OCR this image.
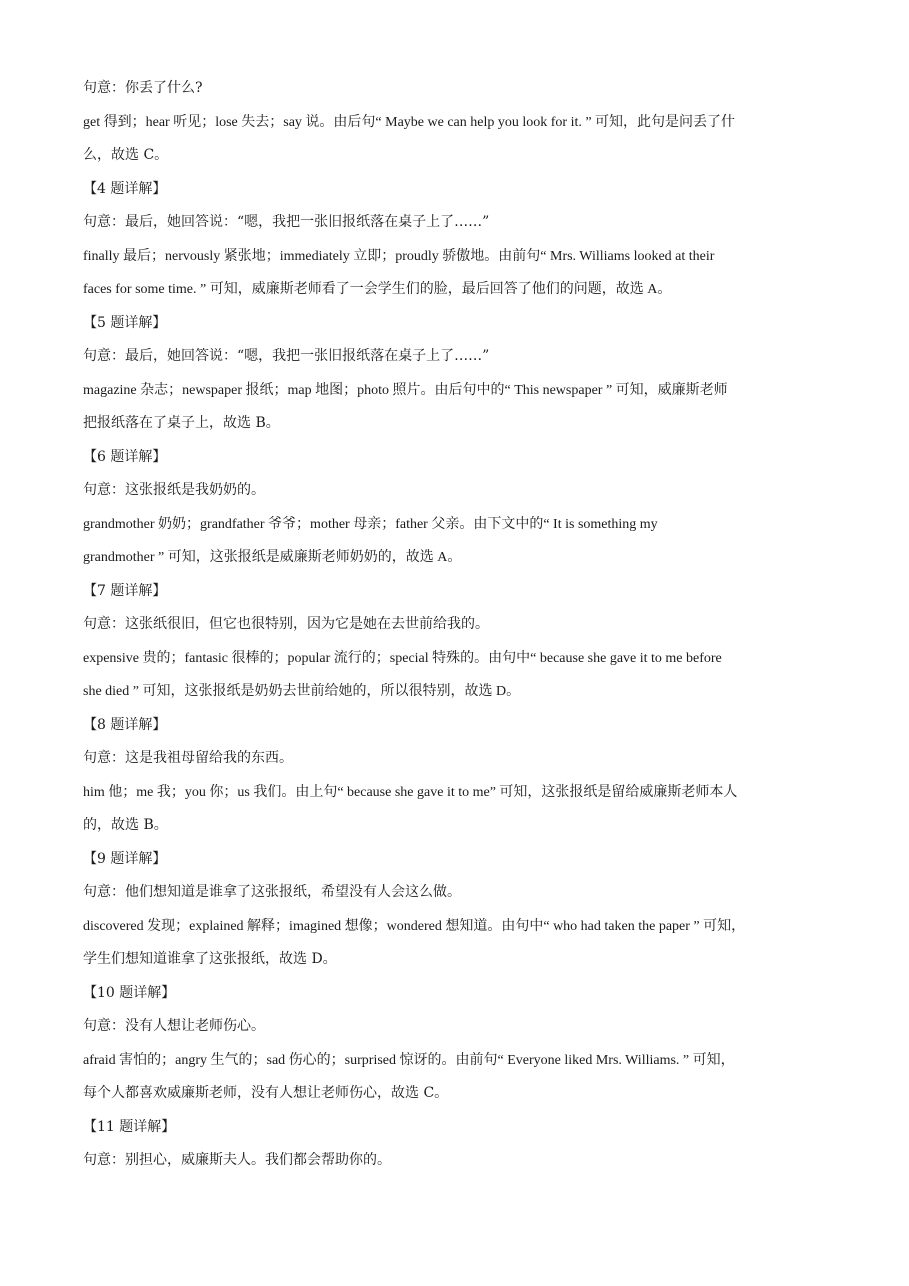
句意：你丢了什么?
get 得到；hear 听见；lose 失去；say 说。由后句“ Maybe we can help you look for it. ” 可知，此句是问丢了什
么，故选 C。
【4 题详解】
句意：最后，她回答说：“嗯，我把一张旧报纸落在桌子上了……”
finally 最后；nervously 紧张地；immediately 立即；proudly 骄傲地。由前句“ Mrs. Williams looked at their
faces for some time. ” 可知，威廉斯老师看了一会学生们的脸，最后回答了他们的问题，故选 A。
【5 题详解】
句意：最后，她回答说：“嗯，我把一张旧报纸落在桌子上了……”
magazine 杂志；newspaper 报纸；map 地图；photo 照片。由后句中的“ This newspaper ” 可知，威廉斯老师
把报纸落在了桌子上，故选 B。
【6 题详解】
句意：这张报纸是我奶奶的。
grandmother 奶奶；grandfather 爷爷；mother 母亲；father 父亲。由下文中的“ It is something my
grandmother ” 可知，这张报纸是威廉斯老师奶奶的，故选 A。
【7 题详解】
句意：这张纸很旧，但它也很特别，因为它是她在去世前给我的。
expensive 贵的；fantasic 很棒的；popular 流行的；special 特殊的。由句中“ because she gave it to me before
she died ” 可知，这张报纸是奶奶去世前给她的，所以很特别，故选 D。
【8 题详解】
句意：这是我祖母留给我的东西。
him 他；me 我；you 你；us 我们。由上句“ because she gave it to me” 可知，这张报纸是留给威廉斯老师本人
的，故选 B。
【9 题详解】
句意：他们想知道是谁拿了这张报纸，希望没有人会这么做。
discovered 发现；explained 解释；imagined 想像；wondered 想知道。由句中“ who had taken the paper ” 可知，
学生们想知道谁拿了这张报纸，故选 D。
【10 题详解】
句意：没有人想让老师伤心。
afraid 害怕的；angry 生气的；sad 伤心的；surprised 惊讶的。由前句“ Everyone liked Mrs. Williams. ” 可知，
每个人都喜欢威廉斯老师，没有人想让老师伤心，故选 C。
【11 题详解】
句意：别担心，威廉斯夫人。我们都会帮助你的。
